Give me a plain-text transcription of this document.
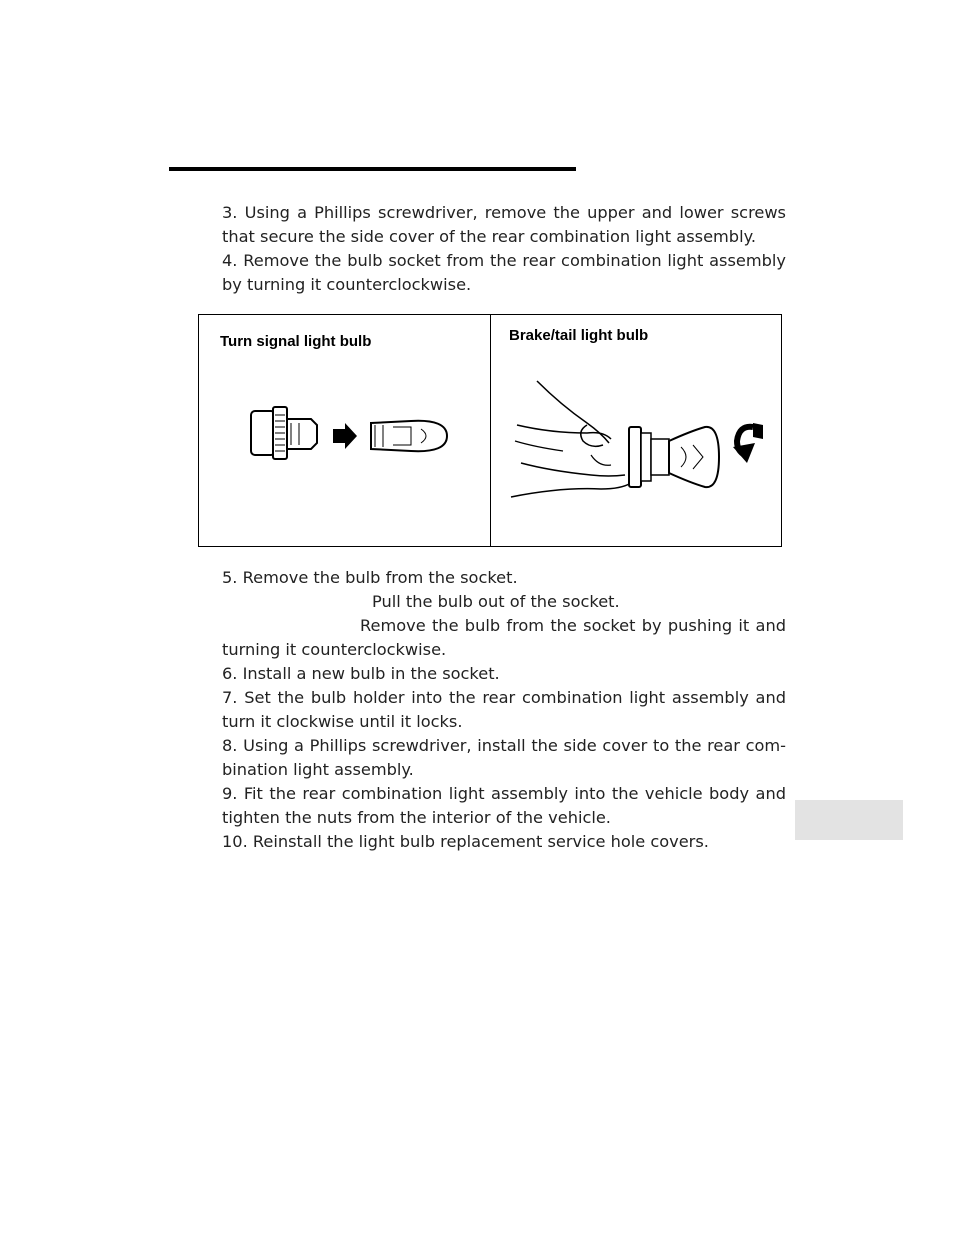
3. Using a Phillips screwdriver, remove the upper and lower screws that secure the side cover of the rear combination light assembly.

4. Remove the bulb socket from the rear combination light assembly by turning it counterclockwise.

Turn signal light bulb	Brake/tail light bulb

5. Remove the bulb from the socket.

Pull the bulb out of the socket.

Remove the bulb from the socket by pushing it and turning it counterclockwise.

6. Install a new bulb in the socket.

7. Set the bulb holder into the rear combination light assembly and turn it clockwise until it locks.

8. Using a Phillips screwdriver, install the side cover to the rear com-bination light assembly.

9. Fit the rear combination light assembly into the vehicle body and tighten the nuts from the interior of the vehicle.

10. Reinstall the light bulb replacement service hole covers.
